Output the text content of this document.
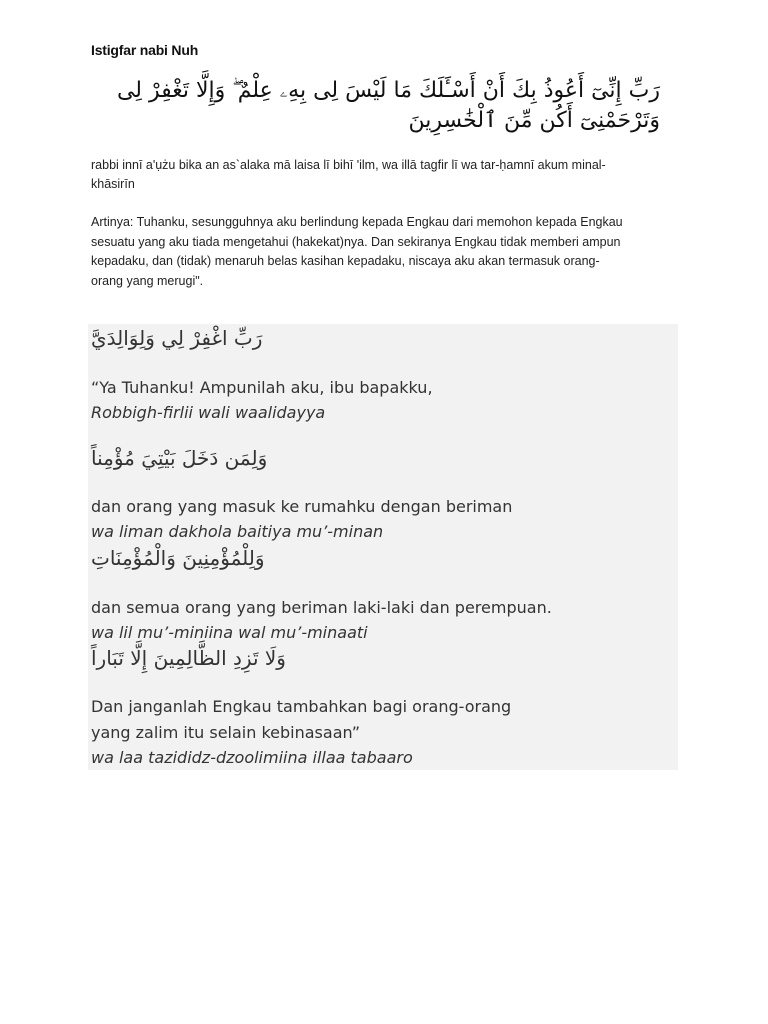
Istigfar nabi Nuh
رَبِّ إِنِّىٓ أَعُوذُ بِكَ أَنْ أَسْـَٔلَكَ مَا لَيْسَ لِى بِهِۦ عِلْمٌ ۖ وَإِلَّا تَغْفِرْ لِى
وَتَرْحَمْنِىٓ أَكُن مِّنَ ٱلْخَٰسِرِينَ
rabbi innī a'ụżu bika an as`alaka mā laisa lī bihī 'ilm, wa illā tagfir lī wa tar-ḥamnī akum minal-
khāsirīn
Artinya: Tuhanku, sesungguhnya aku berlindung kepada Engkau dari memohon kepada Engkau
sesuatu yang aku tiada mengetahui (hakekat)nya. Dan sekiranya Engkau tidak memberi ampun
kepadaku, dan (tidak) menaruh belas kasihan kepadaku, niscaya aku akan termasuk orang-
orang yang merugi".
رَبِّ اغْفِرْ لِي وَلِوَالِدَيَّ
“Ya Tuhanku! Ampunilah aku, ibu bapakku,
Robbigh-firlii wali waalidayya
وَلِمَن دَخَلَ بَيْتِيَ مُؤْمِناً
dan orang yang masuk ke rumahku dengan beriman
wa liman dakhola baitiya mu’-minan
وَلِلْمُؤْمِنِينَ وَالْمُؤْمِنَاتِ
dan semua orang yang beriman laki-laki dan perempuan.
wa lil mu’-miniina wal mu’-minaati
وَلَا تَزِدِ الظَّالِمِينَ إِلَّا تَبَاراً
Dan janganlah Engkau tambahkan bagi orang-orang
yang zalim itu selain kebinasaan”
wa laa tazididz-dzoolimiina illaa tabaaro
